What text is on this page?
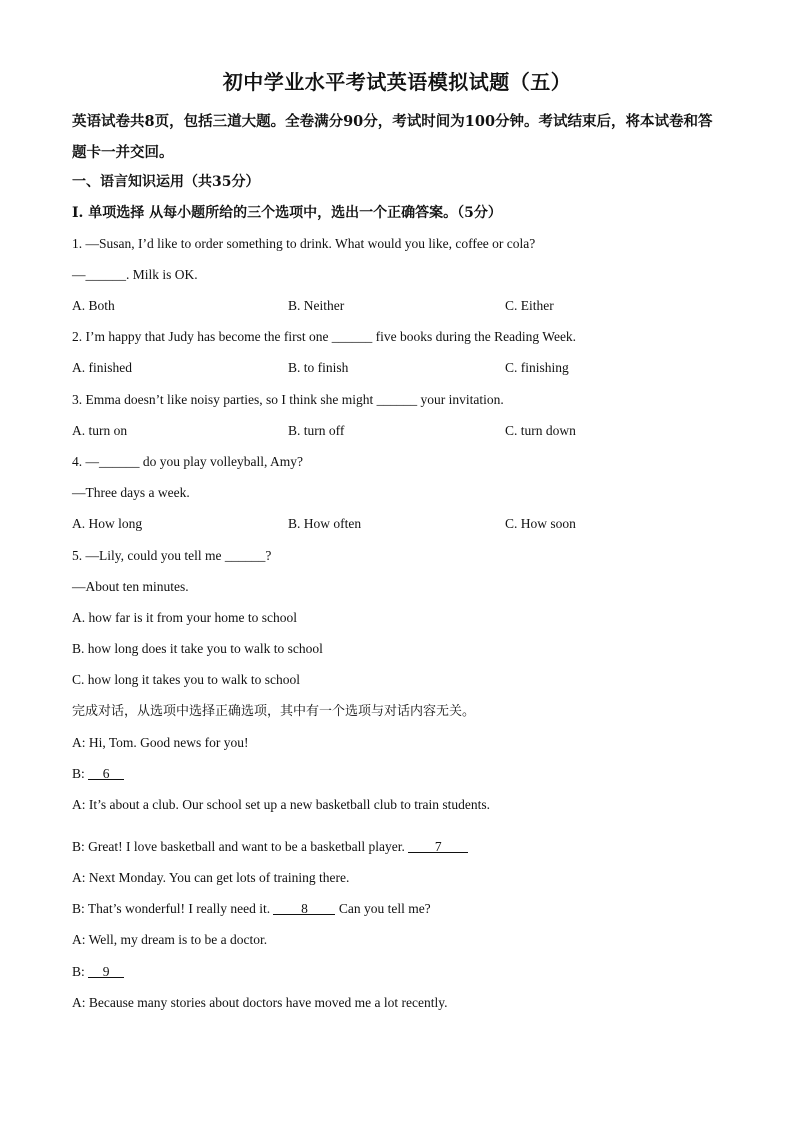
初中学业水平考试英语模拟试题（五）
英语试卷共8页，包括三道大题。全卷满分90分，考试时间为100分钟。考试结束后，将本试卷和答题卡一并交回。
一、语言知识运用（共35分）
Ⅰ. 单项选择 从每小题所给的三个选项中，选出一个正确答案。（5分）
1. —Susan, I’d like to order something to drink. What would you like, coffee or cola?
—______. Milk is OK.
A. Both	B. Neither	C. Either
2. I’m happy that Judy has become the first one ______ five books during the Reading Week.
A. finished	B. to finish	C. finishing
3. Emma doesn’t like noisy parties, so I think she might ______ your invitation.
A. turn on	B. turn off	C. turn down
4. —______ do you play volleyball, Amy?
—Three days a week.
A. How long	B. How often	C. How soon
5. —Lily, could you tell me ______?
—About ten minutes.
A. how far is it from your home to school
B. how long does it take you to walk to school
C. how long it takes you to walk to school
完成对话，从选项中选择正确选项，其中有一个选项与对话内容无关。
A: Hi, Tom. Good news for you!
B: 6
A: It’s about a club. Our school set up a new basketball club to train students.
B: Great! I love basketball and want to be a basketball player. 7
A: Next Monday. You can get lots of training there.
B: That’s wonderful! I really need it. 8 Can you tell me?
A: Well, my dream is to be a doctor.
B: 9
A: Because many stories about doctors have moved me a lot recently.
